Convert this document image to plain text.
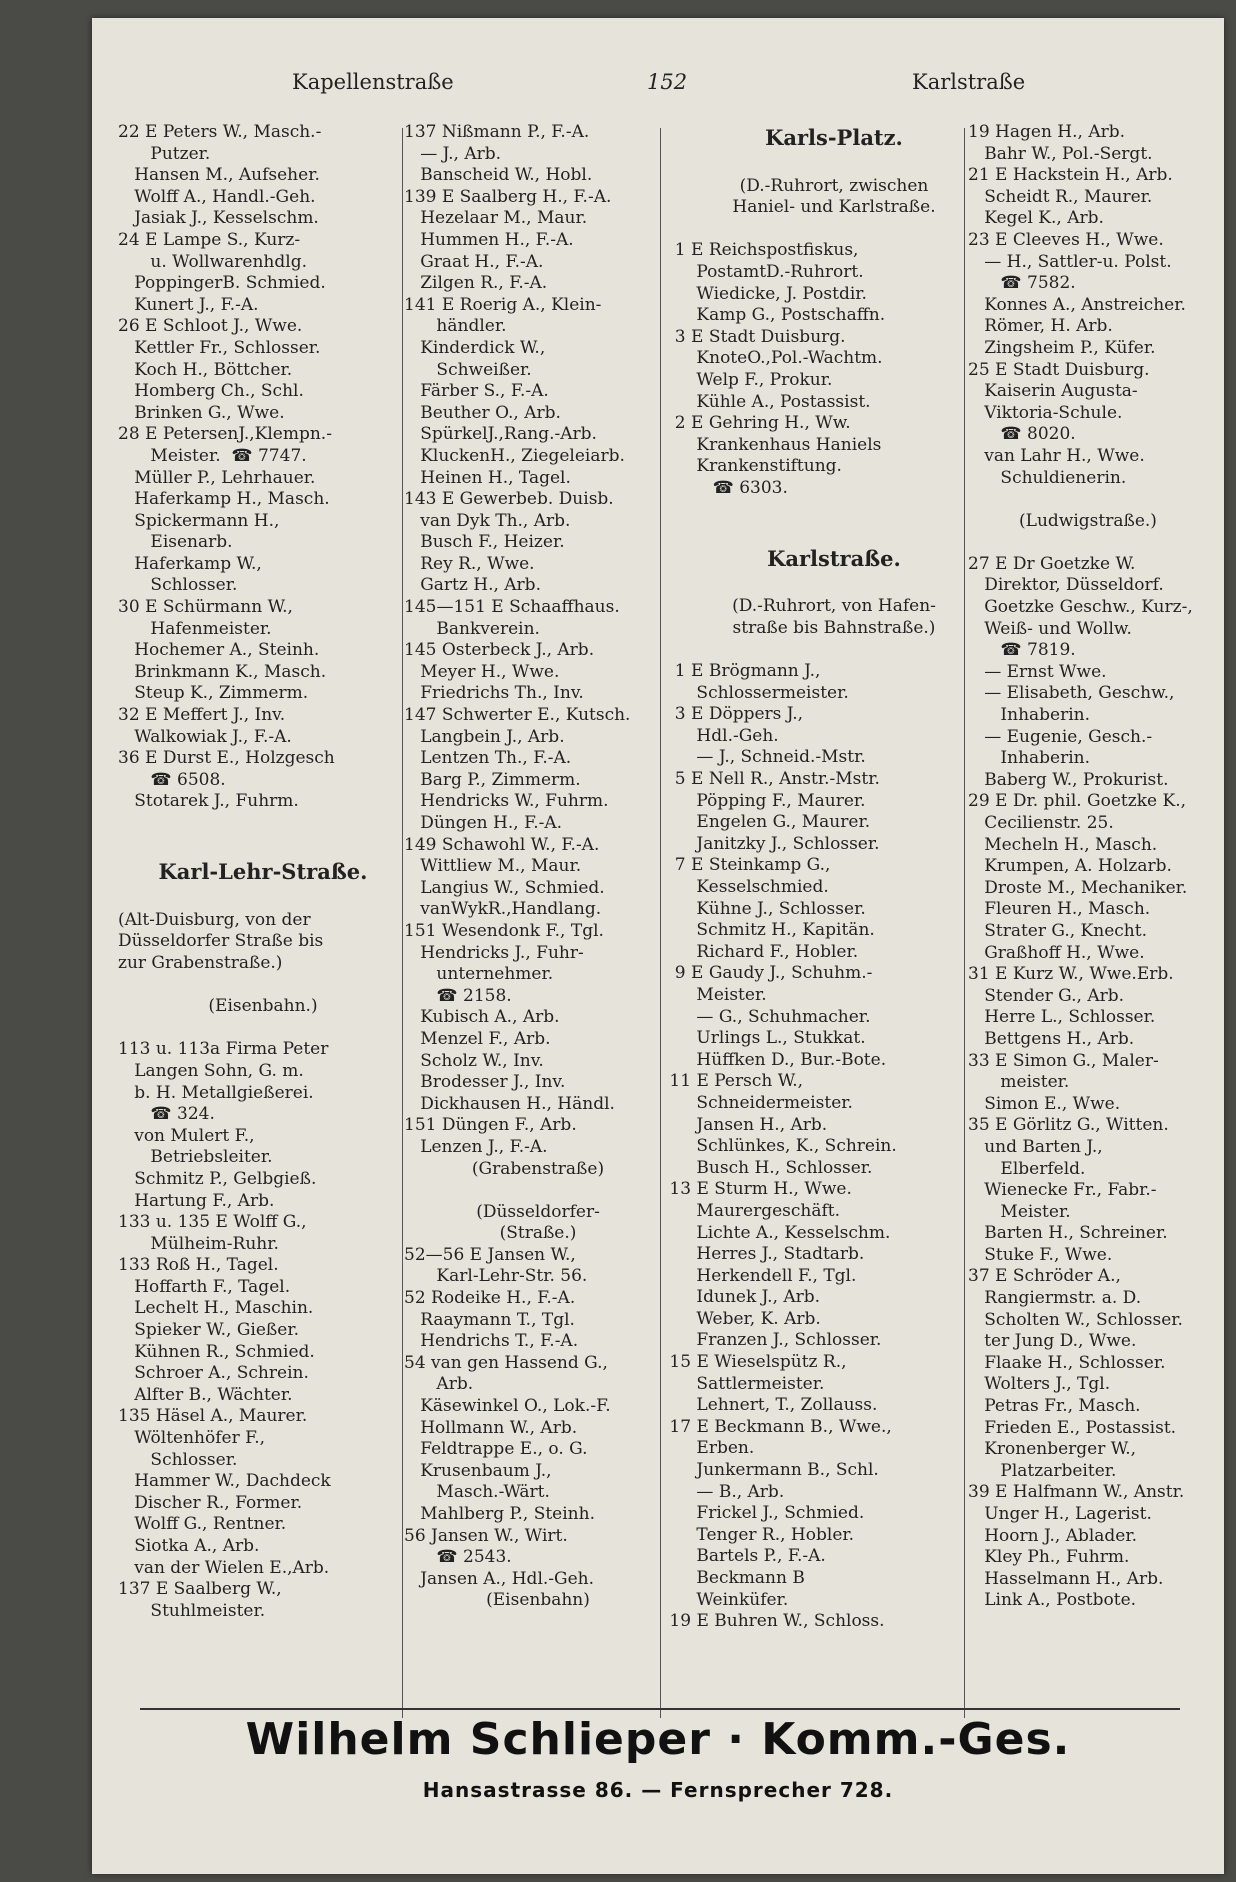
Kapellenstraße	152	Karlstraße
22 E Peters W., Masch.-
Putzer.
Hansen M., Aufseher.
Wolff A., Handl.-Geh.
Jasiak J., Kesselschm.
24 E Lampe S., Kurz-
u. Wollwarenhdlg.
PoppingerB. Schmied.
Kunert J., F.-A.
26 E Schloot J., Wwe.
Kettler Fr., Schlosser.
Koch H., Böttcher.
Homberg Ch., Schl.
Brinken G., Wwe.
28 E PetersenJ.,Klempn.-
Meister.  ☎ 7747.
Müller P., Lehrhauer.
Haferkamp H., Masch.
Spickermann H.,
Eisenarb.
Haferkamp W.,
Schlosser.
30 E Schürmann W.,
Hafenmeister.
Hochemer A., Steinh.
Brinkmann K., Masch.
Steup K., Zimmerm.
32 E Meffert J., Inv.
Walkowiak J., F.-A.
36 E Durst E., Holzgesch
☎ 6508.
Stotarek J., Fuhrm.
Karl-Lehr-Straße.
(Alt-Duisburg, von der
Düsseldorfer Straße bis
zur Grabenstraße.)
(Eisenbahn.)
113 u. 113a Firma Peter
Langen Sohn, G. m.
b. H. Metallgießerei.
☎ 324.
von Mulert F.,
Betriebsleiter.
Schmitz P., Gelbgieß.
Hartung F., Arb.
133 u. 135 E Wolff G.,
Mülheim-Ruhr.
133 Roß H., Tagel.
Hoffarth F., Tagel.
Lechelt H., Maschin.
Spieker W., Gießer.
Kühnen R., Schmied.
Schroer A., Schrein.
Alfter B., Wächter.
135 Häsel A., Maurer.
Wöltenhöfer F.,
Schlosser.
Hammer W., Dachdeck
Discher R., Former.
Wolff G., Rentner.
Siotka A., Arb.
van der Wielen E.,Arb.
137 E Saalberg W.,
Stuhlmeister.
137 Nißmann P., F.-A.
— J., Arb.
Banscheid W., Hobl.
139 E Saalberg H., F.-A.
Hezelaar M., Maur.
Hummen H., F.-A.
Graat H., F.-A.
Zilgen R., F.-A.
141 E Roerig A., Klein-
händler.
Kinderdick W.,
Schweißer.
Färber S., F.-A.
Beuther O., Arb.
SpürkelJ.,Rang.-Arb.
KluckenH., Ziegeleiarb.
Heinen H., Tagel.
143 E Gewerbeb. Duisb.
van Dyk Th., Arb.
Busch F., Heizer.
Rey R., Wwe.
Gartz H., Arb.
145—151 E Schaaffhaus.
Bankverein.
145 Osterbeck J., Arb.
Meyer H., Wwe.
Friedrichs Th., Inv.
147 Schwerter E., Kutsch.
Langbein J., Arb.
Lentzen Th., F.-A.
Barg P., Zimmerm.
Hendricks W., Fuhrm.
Düngen H., F.-A.
149 Schawohl W., F.-A.
Wittliew M., Maur.
Langius W., Schmied.
vanWykR.,Handlang.
151 Wesendonk F., Tgl.
Hendricks J., Fuhr-
unternehmer.
☎ 2158.
Kubisch A., Arb.
Menzel F., Arb.
Scholz W., Inv.
Brodesser J., Inv.
Dickhausen H., Händl.
151 Düngen F., Arb.
Lenzen J., F.-A.
(Grabenstraße)
(Düsseldorfer-
(Straße.)
52—56 E Jansen W.,
Karl-Lehr-Str. 56.
52 Rodeike H., F.-A.
Raaymann T., Tgl.
Hendrichs T., F.-A.
54 van gen Hassend G.,
Arb.
Käsewinkel O., Lok.-F.
Hollmann W., Arb.
Feldtrappe E., o. G.
Krusenbaum J.,
Masch.-Wärt.
Mahlberg P., Steinh.
56 Jansen W., Wirt.
☎ 2543.
Jansen A., Hdl.-Geh.
(Eisenbahn)
Karls-Platz.
(D.-Ruhrort, zwischen
Haniel- und Karlstraße.
1 E Reichspostfiskus,
PostamtD.-Ruhrort.
Wiedicke, J. Postdir.
Kamp G., Postschaffn.
3 E Stadt Duisburg.
KnoteO.,Pol.-Wachtm.
Welp F., Prokur.
Kühle A., Postassist.
2 E Gehring H., Ww.
Krankenhaus Haniels
Krankenstiftung.
☎ 6303.
Karlstraße.
(D.-Ruhrort, von Hafen-
straße bis Bahnstraße.)
1 E Brögmann J.,
Schlossermeister.
3 E Döppers J.,
Hdl.-Geh.
— J., Schneid.-Mstr.
5 E Nell R., Anstr.-Mstr.
Pöpping F., Maurer.
Engelen G., Maurer.
Janitzky J., Schlosser.
7 E Steinkamp G.,
Kesselschmied.
Kühne J., Schlosser.
Schmitz H., Kapitän.
Richard F., Hobler.
9 E Gaudy J., Schuhm.-
Meister.
— G., Schuhmacher.
Urlings L., Stukkat.
Hüffken D., Bur.-Bote.
11 E Persch W.,
Schneidermeister.
Jansen H., Arb.
Schlünkes, K., Schrein.
Busch H., Schlosser.
13 E Sturm H., Wwe.
Maurergeschäft.
Lichte A., Kesselschm.
Herres J., Stadtarb.
Herkendell F., Tgl.
Idunek J., Arb.
Weber, K. Arb.
Franzen J., Schlosser.
15 E Wieselspütz R.,
Sattlermeister.
Lehnert, T., Zollauss.
17 E Beckmann B., Wwe.,
Erben.
Junkermann B., Schl.
— B., Arb.
Frickel J., Schmied.
Tenger R., Hobler.
Bartels P., F.-A.
Beckmann B
Weinküfer.
19 E Buhren W., Schloss.
19 Hagen H., Arb.
Bahr W., Pol.-Sergt.
21 E Hackstein H., Arb.
Scheidt R., Maurer.
Kegel K., Arb.
23 E Cleeves H., Wwe.
— H., Sattler-u. Polst.
☎ 7582.
Konnes A., Anstreicher.
Römer, H. Arb.
Zingsheim P., Küfer.
25 E Stadt Duisburg.
Kaiserin Augusta-
Viktoria-Schule.
☎ 8020.
van Lahr H., Wwe.
Schuldienerin.
(Ludwigstraße.)
27 E Dr Goetzke W.
Direktor, Düsseldorf.
Goetzke Geschw., Kurz-,
Weiß- und Wollw.
☎ 7819.
— Ernst Wwe.
— Elisabeth, Geschw.,
Inhaberin.
— Eugenie, Gesch.-
Inhaberin.
Baberg W., Prokurist.
29 E Dr. phil. Goetzke K.,
Cecilienstr. 25.
Mecheln H., Masch.
Krumpen, A. Holzarb.
Droste M., Mechaniker.
Fleuren H., Masch.
Strater G., Knecht.
Graßhoff H., Wwe.
31 E Kurz W., Wwe.Erb.
Stender G., Arb.
Herre L., Schlosser.
Bettgens H., Arb.
33 E Simon G., Maler-
meister.
Simon E., Wwe.
35 E Görlitz G., Witten.
und Barten J.,
Elberfeld.
Wienecke Fr., Fabr.-
Meister.
Barten H., Schreiner.
Stuke F., Wwe.
37 E Schröder A.,
Rangiermstr. a. D.
Scholten W., Schlosser.
ter Jung D., Wwe.
Flaake H., Schlosser.
Wolters J., Tgl.
Petras Fr., Masch.
Frieden E., Postassist.
Kronenberger W.,
Platzarbeiter.
39 E Halfmann W., Anstr.
Unger H., Lagerist.
Hoorn J., Ablader.
Kley Ph., Fuhrm.
Hasselmann H., Arb.
Link A., Postbote.
Wilhelm Schlieper · Komm.-Ges.
Hansastrasse 86. — Fernsprecher 728.
